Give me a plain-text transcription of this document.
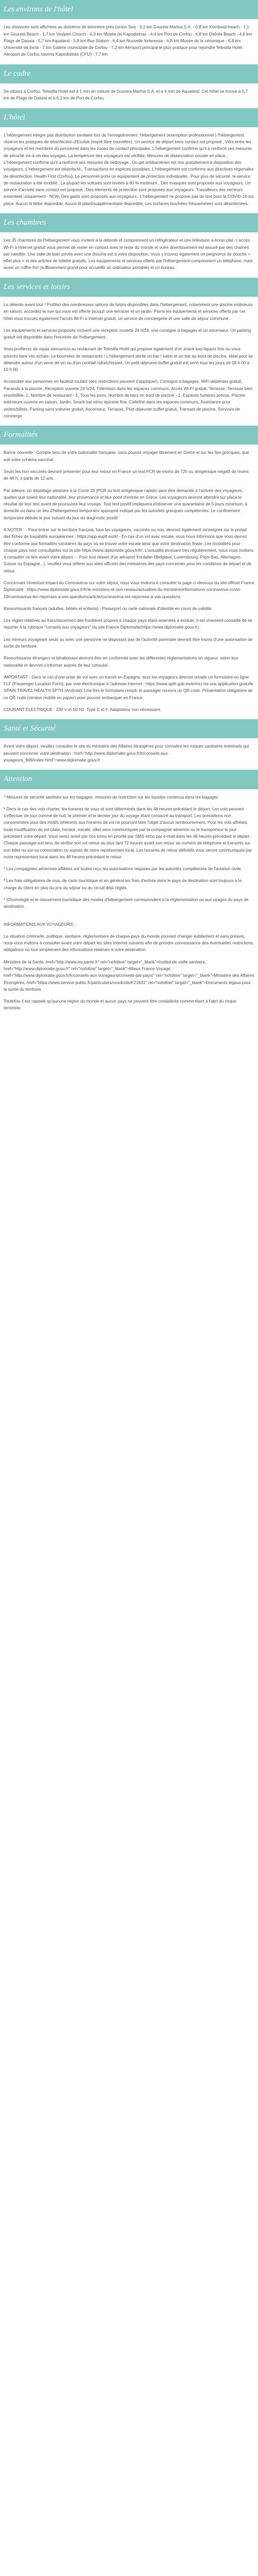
Les environs de l'hôtel

Les distances sont affichées au doixième de kilomètre près (union Sea - 0,1 km Goureia Marina S.A. - 0,8 km Kombasti beach - 1,1 km Goureia Beach - 1,7 km Vasiperi Church - 4,3 km Musée de Kapodistrias - 4,4 km Port de Corfou - 4,8 km Dafnila Beach - 4,8 km Plage de Dassia - 5,7 km Aqualand - 5,8 km Bus Station - 6,4 km Nouvelle forteresse - 6,8 km Musée de la céramique - 6,8 km Université de Ionia - 7 km Galerie municipale de Corfou - 7,2 km Aéroport principal le plus pratique pour rejoindre Telesilla Hotel : Aéroport de Corfou Ioannis Kapodistrias (CFU) - 7,7 km

Le cadre

Se situant à Corfou, Telesilla Hotel est à 1 min en voiture de Goureia Marina S.A. et à 4 min de Aqualand. Cet hôtel se trouve à 5,7 km de Plage de Dassia et à 6,1 km de Port de Corfou.

L'hôtel

L'hébergement intègre pas distribution sanitaire lors de l'enregistrement. Hébergement (exemption professionnel.) l'hébergement réserve les pratiques de désinfection d'Ecolab (esprit libre nouvelles). Un service de départ sans contact est proposé., Vitre entre les voyageurs et les membres du personnel dans les zones de contact principales. L'hébergement confirme qu'il a renforcé ses mesures de sécurité vis-à-vis des voyages. La tempérture des voyageurs est vérifiée, Mesures de distanciation sociale en place., L'hébergement confirme qu'il a renforcé ses mesures de nettoyage., Du gel antibactérien est mis gratuitement à disposition des voyageurs, L'hébergement est désinfecté., Transactions en espèces possibles, L'hébergement est conforme aux directives régionales de désinfection. Health First (Corfou), Le personnel porte un équipement de protection individuelle., Pour plus de sécurité, le service de restauration a été modifié., Le plupart les voitures sont levées à 60 % minimum., Des masques sont proposés aux voyageurs, Un service d'arrivée sans contact est proposé., Des éléments de protection sont proposés aux voyageurs. Travailleurs des secteurs essentiels uniquement - NON, Des gants sont proposés aux voyageurs., L'hébergement ne propose pas de test pour la COVID-19 sur place, Aucun lit bébé disponible, Aucun lit pliant/supplémentaire disponible, Les surfaces touchées fréquemment sont désinfectées.

Les chambres

Les 35 chambres de l'hébergement vous invitent à la détente et comprennent un réfrigérateur et une télévision à écran plat. L'accès Wi-Fi à Internet gratuit vous permet de rester en contact avec le reste du monde et votre divertissement est assuré par des chaînes par satellite. Une salle de bain privée avec une douche est à votre disposition. Vous y trouvez également un peignoiros de douche + effet plus + et des articles de toilette gratuits. Les équipements et services offerts par l'hébergement comprennent un téléphone, mais aussi un coffre-fort (suffisamment grand pour accueillir un ordinateur portable) et un bureau.

Les services et loisirs

La détente avant tout ! Profitez des nombreuses options de loisirs disponibles dans l'hébergement, notamment une piscine extérieure en saison. accordez-la vue qui vous est offerte jacuzzi une terrasse et un jardin. Parmi les équipements et services offerts par cet hôtel vous trouvez également l'accès Wi-Fi à Internet gratuit, un service de conciergerie et une salle de séjour commune.

Les équipements et services proposés incluent une réception ouverte 24 h/24, une consigne à bagages et un ascenseur. Un parking gratuit est disponible dans l'enceinte de l'hébergement.

Vous profiterez de repas savoureux au restaurant de Telesilla Hotel qui propose également d'un snack bas-liquors fine ou vous pourrez faire vos achats. Le bourreles de restaurants ! L'hébergement abrite un bar ! salon et un bar au bord de piscine, idéal pour se détendre autour d'un verre de vin ou d'un cocktail rafraîchissant. Un petit-déjeuner buffet gratuit est servi tous les jours de 08 h 00 à 10 h 00.

Accessible aux personnes en fauteuil roulant (des restrictions peuvent s'appliquer), Consigne à bagages, WiFi dépenser gratuit, Parasols à la piscine, Réception ouverte 24 h/24, Télévision dans les espaces communs, Accès Wi-Fi gratuit, Terrasse, Terrasse bien ensoleillée, 1, Nombre de restaurant - 1, Tous les jours, Nombre de bars en bord de piscine - 1, Espaces fumeurs prévus, Piscine extérieure ouverte en saison, Jardin, Snack bar et/ou épicerie fine, Café/thé dans les espaces communs, Assistance pour visites/billets, Parking sans voiturier gratuit, Ascenseur, Terrasse, Petit-déjeuner buffet gratuit, Transats de piscine, Services de concierge

Formalités

Bonne nouvelle : Compte tenu de votre nationalité française, vous pouvez voyager librement en Grèce et sur les îles grecques, que soit votre schéma vaccinal.

Seuls les non vaccinés devront présenter pour leur retour en France un test PCR de moins de 72h ou antigénique négatif de moins de 48 h, à partir de 12 ans.

Par ailleurs, un dépistage aléatoire à la Covid-19 (PCR ou test antigénique rapide) peut être demandé à l'arrivée des voyageurs, quelles que soient leur nationalité, leur provenance et leur point d'entrée en Grèce. Les voyageurs devront attendre sur place le résultat de leur test avant de poursuivre leur voyage. Tout test positif impliquera d'observer une quarantaine de 5 jours minimum, à domicile ou dans un lieu d'hébergement temporaire approprié indiqué par les autorités grecques compétentes. Le confinement temporaire débute le jour suivant du jour du diagnostic positif.

A NOTER : - Pour entrer sur le territoire français, tous les voyageurs, vaccinés ou non, devront également renseigner sur le portail des fiches de traçabilité européennes : https://app.euplf.eu/#/ - En cas d'un vol avec escale, vous nous informons que vous devrez être conforme aux formalités sanitaires du pays où se trouve votre escale ainsi que votre destination finale. Les modalités pour chaque pays sont consultables sur le site https://www.diplomatie.gouv.fr/fr/. L'actualité évoluant très régulièrement, nous vous invitons à consulter ce lien avant votre départ : - Pour tout départ d'un aéroport frontalier (Belgique, Luxembourg, Pays-Bas, Allemagne, Suisse ou Espagne...), veuillez vous référer aux sites officiels des ministères des pays concernés pour les conditions de départ et de retour.

Concernant l'éventuel impact du Coronavirus sur votre séjour, nous vous invitons à consulter la page ci-dessous du site officiel France Diplomatie : https://www.diplomatie.gouv.fr/fr/le-ministere-et-son-reseau/actualites-du-ministere/informations-coronavirus-covid-19/coronavirus-les-reponses-a-vos-questions/article/coronavirus-les-reponses-a-vos-questions

Ressortissants français (adultes, bébés et enfants) : Passeport ou carte nationale d'identité en cours de validité.

Les règles relatives au franchissement des frontières propres à chaque pays étant amenées à évoluer, il est vivement conseillé de se reporter à la rubrique "conseils aux voyageurs" du site France Diplomatie(https://www.diplomatie.gouv.fr).

Les mineurs voyageant seuls ou avec une personne ne disposant pas de l'autorité parentale devront être munis d'une autorisation de sortie de territoire.

Ressortissants étrangers et binationaux devront être en conformité avec les différentes réglementations en vigueur, selon leur nationalité et devront s'informer auprès de leur consulat.

IMPORTANT : Dans le cas d'une prise de vol avec un transit en Espagne, tous les voyageurs devront remplir un formulaire en ligne FLF (Passenger Location Form), par voie électronique à l'adresse Internet : https://www.spth.gob.es/en/ou via une application gratuite SPAIN TRAVEL HEALTH-SPTH (Android). Une fois le formulaire rempli, le passager recevra un QR code. Présentation obligatoire de ce QR code (version mobile ou papier) pour pouvoir embarquer en France.

COURANT ÉLECTRIQUE : 230 V et 50 Hz. Type C et F. Adaptateur non nécessaire.

Santé et Sécurité

Avant votre départ, veuillez consulter le site du ministère des Affaires étrangères pour connaître les risques sanitaires éventuels qui peuvent concerner votre destination : href="http://www.diplomatie.gouv.fr/fr/conseils-aux-voyageurs_909/index.html">www.diplomatie.gouv.fr

Attention

* Mesures de sécurité sanitaire sur les bagages: mesures de restriction sur les liquides contenus dans les bagages

* Dans le cas des vols charter, les horaires de vous et sont déterminés dans les 48 heures précédant le départ. Les vols peuvent s'effectuer de jour comme de nuit, le premier et le dernier jour du voyage étant consacré au transport. Les prestations non consommées pour des motifs inhérents aux horaires de vol ne pourront faire l'objet d'aucun remboursement. Pour les vols affrétés, toute modification du vol (date, horaire, escale, ville) sera communiquée par la compagnie aérienne ou le transporteur le jour précédant votre départ. Vous serez avisé par nos soins en priorité par SMS et/ou par e-mail dans les 48 heures précédant le départ. Chaque passager est tenu de vérifier son vol retour au plus tard 72 heures avant son retour au numéro de téléphone et transmis sur son billet ou sur sa convocation ou auprès de notre représentant local. Les horaires de retour définitifs vous seront communiqués par notre représentant local dans les 48 heures précédant le retour.

* Les compagnies aériennes affiliées ont toutes reçu les autorisations requises par les autorités compétentes de l'aviation civile.

* Les frais obligatoires de visa, de carte touristique et en général les frais d'entrée dans le pays de destination sont toujours à la charge du client en plus du prix du séjour ou du circuit déjà réglés.

* Chronologie et le classement touristique des modes d'hébergement correspondent à la réglementation ou aux usages du pays de destination.

INFORMATIONS AUX VOYAGEURS :

La situation criminelle, politique, sanitaire, réglementaire de chaque pays du monde pouvant changer subitement et sans préavis, nous vous invitons à consulter avant votre départ les sites Internet suivants afin de prendre connaissance des éventuelles restrictions, obligations ou tout simplement des informations relatives à votre destination.

Ministère de la Santé, href="http://www.inv.sante.fr" rel="nofollow" target="_blank">Institut de veille sanitaire, href="http://www.diplomatie.gouv.fr" rel="nofollow" target="_blank">Mieux France Voyage, href="http://www.diplomatie.gouv.fr/fr/conseils-aux-voyageurs/conseils-par-pays/" rel="nofollow" target="_blank">Ministère des Affaires Étrangères, href="https://www.service-public.fr/particuliers/vosdroits/F21831" rel="nofollow" target="_blank">Documents légaux pour la sortie du territoire.

Toutefois il est rappelé qu'aucune région du monde et aucun pays ne peuvent être considérés comme étant à l'abri du risque terroriste.
